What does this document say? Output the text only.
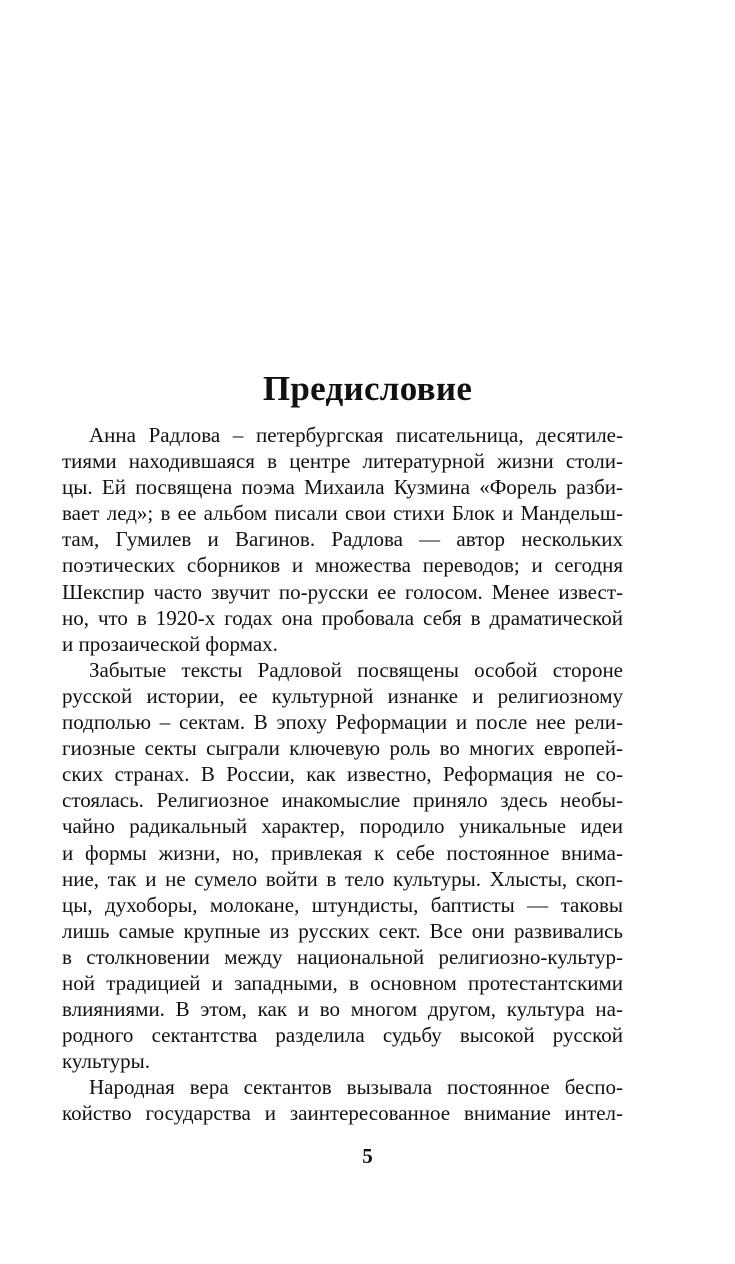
Предисловие
Анна Радлова – петербургская писательница, десятиле-
тиями находившаяся в центре литературной жизни столи-
цы. Ей посвящена поэма Михаила Кузмина «Форель разби-
вает лед»; в ее альбом писали свои стихи Блок и Мандельш-
там, Гумилев и Вагинов. Радлова — автор нескольких
поэтических сборников и множества переводов; и сегодня
Шекспир часто звучит по-русски ее голосом. Менее извест-
но, что в 1920-х годах она пробовала себя в драматической
и прозаической формах.
Забытые тексты Радловой посвящены особой стороне
русской истории, ее культурной изнанке и религиозному
подполью – сектам. В эпоху Реформации и после нее рели-
гиозные секты сыграли ключевую роль во многих европей-
ских странах. В России, как известно, Реформация не со-
стоялась. Религиозное инакомыслие приняло здесь необы-
чайно радикальный характер, породило уникальные идеи
и формы жизни, но, привлекая к себе постоянное внима-
ние, так и не сумело войти в тело культуры. Хлысты, скоп-
цы, духоборы, молокане, штундисты, баптисты — таковы
лишь самые крупные из русских сект. Все они развивались
в столкновении между национальной религиозно-культур-
ной традицией и западными, в основном протестантскими
влияниями. В этом, как и во многом другом, культура на-
родного сектантства разделила судьбу высокой русской
культуры.
Народная вера сектантов вызывала постоянное беспо-
койство государства и заинтересованное внимание интел-
5
